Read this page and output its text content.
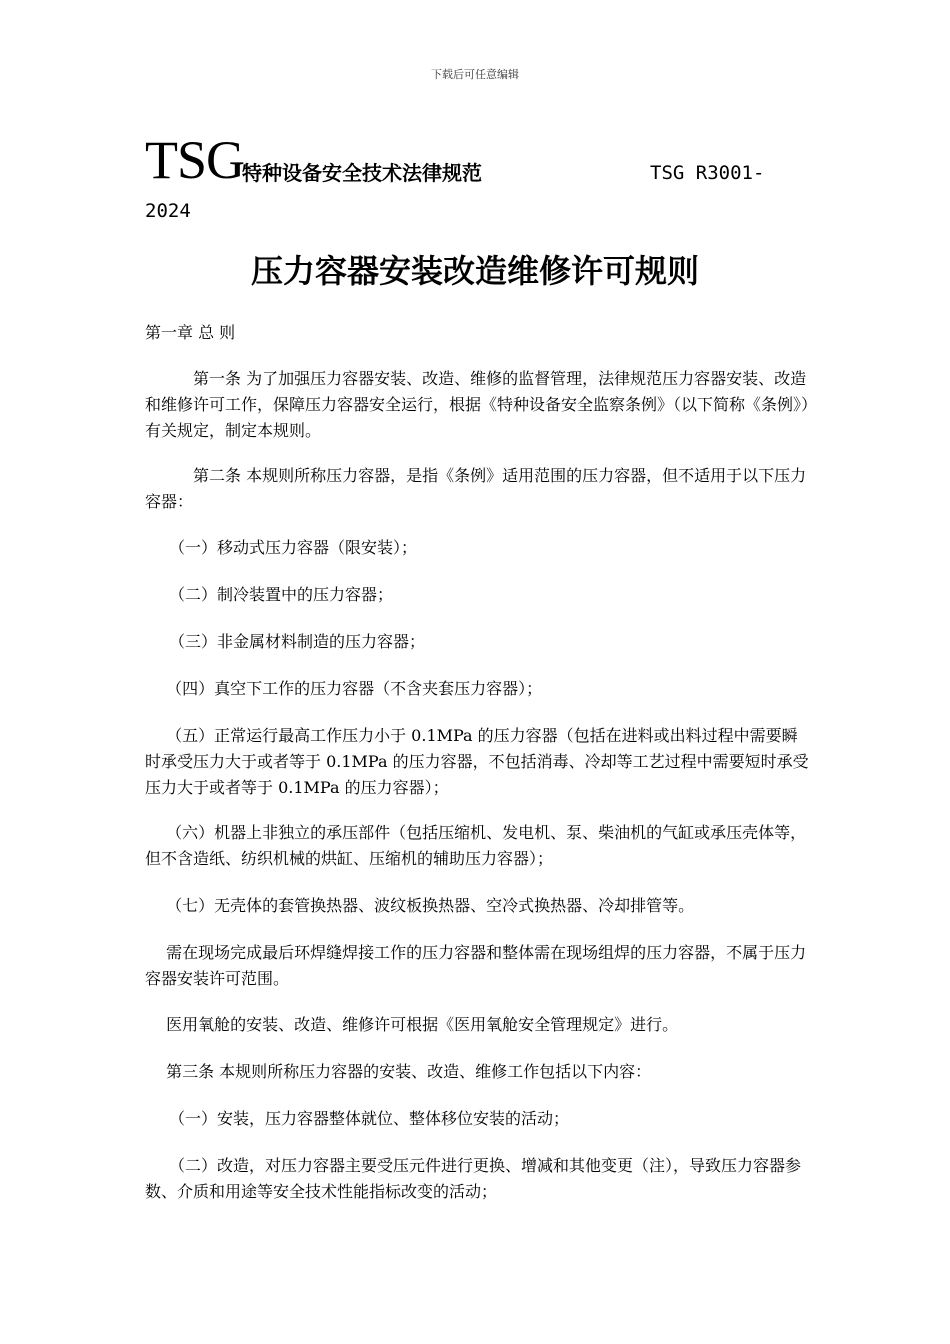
下载后可任意编辑
TSG
特种设备安全技术法律规范	TSG R3001-
2024
压力容器安装改造维修许可规则

第一章 总 则

　　　第一条 为了加强压力容器安装、改造、维修的监督管理，法律规范压力容器安装、改造和维修许可工作，保障压力容器安全运行，根据《特种设备安全监察条例》（以下简称《条例》）有关规定，制定本规则。

　　　第二条 本规则所称压力容器，是指《条例》适用范围的压力容器，但不适用于以下压力容器：

　　（一）移动式压力容器（限安装）；

　　（二）制冷装置中的压力容器；

　　（三）非金属材料制造的压力容器；

　 （四）真空下工作的压力容器（不含夹套压力容器）；

　 （五）正常运行最高工作压力小于 0.1MPa 的压力容器（包括在进料或出料过程中需要瞬时承受压力大于或者等于 0.1MPa 的压力容器，不包括消毒、冷却等工艺过程中需要短时承受压力大于或者等于 0.1MPa 的压力容器）；

　 （六）机器上非独立的承压部件（包括压缩机、发电机、泵、柴油机的气缸或承压壳体等，但不含造纸、纺织机械的烘缸、压缩机的辅助压力容器）；

　 （七）无壳体的套管换热器、波纹板换热器、空冷式换热器、冷却排管等。

　 需在现场完成最后环焊缝焊接工作的压力容器和整体需在现场组焊的压力容器，不属于压力容器安装许可范围。

　 医用氧舱的安装、改造、维修许可根据《医用氧舱安全管理规定》进行。

　 第三条 本规则所称压力容器的安装、改造、维修工作包括以下内容：

　　（一）安装，压力容器整体就位、整体移位安装的活动；

　　（二）改造，对压力容器主要受压元件进行更换、增减和其他变更（注），导致压力容器参数、介质和用途等安全技术性能指标改变的活动；
